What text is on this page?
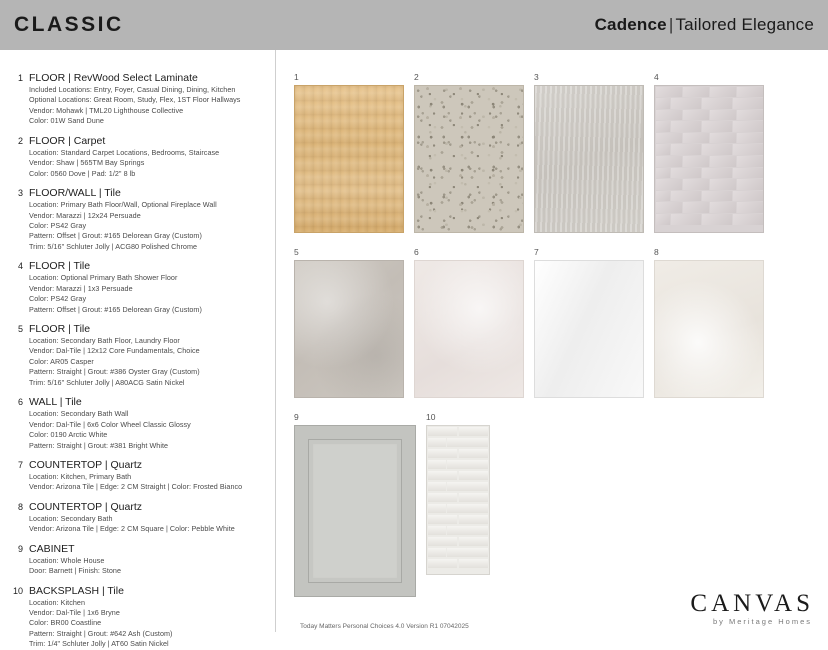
CLASSIC	Cadence | Tailored Elegance
1 FLOOR | RevWood Select Laminate
Included Locations: Entry, Foyer, Casual Dining, Dining, Kitchen
Optional Locations: Great Room, Study, Flex, 1ST Floor Hallways
Vendor: Mohawk | TML20 Lighthouse Collective
Color: 01W Sand Dune
2 FLOOR | Carpet
Location: Standard Carpet Locations, Bedrooms, Staircase
Vendor: Shaw | 565TM Bay Springs
Color: 0560 Dove | Pad: 1/2" 8 lb
3 FLOOR/WALL | Tile
Location: Primary Bath Floor/Wall, Optional Fireplace Wall
Vendor: Marazzi | 12x24 Persuade
Color: PS42 Gray
Pattern: Offset | Grout: #165 Delorean Gray (Custom)
Trim: 5/16" Schluter Jolly | ACG80 Polished Chrome
4 FLOOR | Tile
Location: Optional Primary Bath Shower Floor
Vendor: Marazzi | 1x3 Persuade
Color: PS42 Gray
Pattern: Offset | Grout: #165 Delorean Gray (Custom)
5 FLOOR | Tile
Location: Secondary Bath Floor, Laundry Floor
Vendor: Dal-Tile | 12x12 Core Fundamentals, Choice
Color: AR05 Casper
Pattern: Straight | Grout: #386 Oyster Gray (Custom)
Trim: 5/16" Schluter Jolly | A80ACG Satin Nickel
6 WALL | Tile
Location: Secondary Bath Wall
Vendor: Dal-Tile | 6x6 Color Wheel Classic Glossy
Color: 0190 Arctic White
Pattern: Straight | Grout: #381 Bright White
7 COUNTERTOP | Quartz
Location: Kitchen, Primary Bath
Vendor: Arizona Tile | Edge: 2 CM Straight | Color: Frosted Bianco
8 COUNTERTOP | Quartz
Location: Secondary Bath
Vendor: Arizona Tile | Edge: 2 CM Square | Color: Pebble White
9 CABINET
Location: Whole House
Door: Barnett | Finish: Stone
10 BACKSPLASH | Tile
Location: Kitchen
Vendor: Dal-Tile | 1x6 Bryne
Color: BR00 Coastline
Pattern: Straight | Grout: #642 Ash (Custom)
Trim: 1/4" Schluter Jolly | AT60 Satin Nickel
1	2	3	4
5	6	7	8
9	10
Today Matters Personal Choices 4.0 Version R1 07042025
CANVAS
by Meritage Homes
